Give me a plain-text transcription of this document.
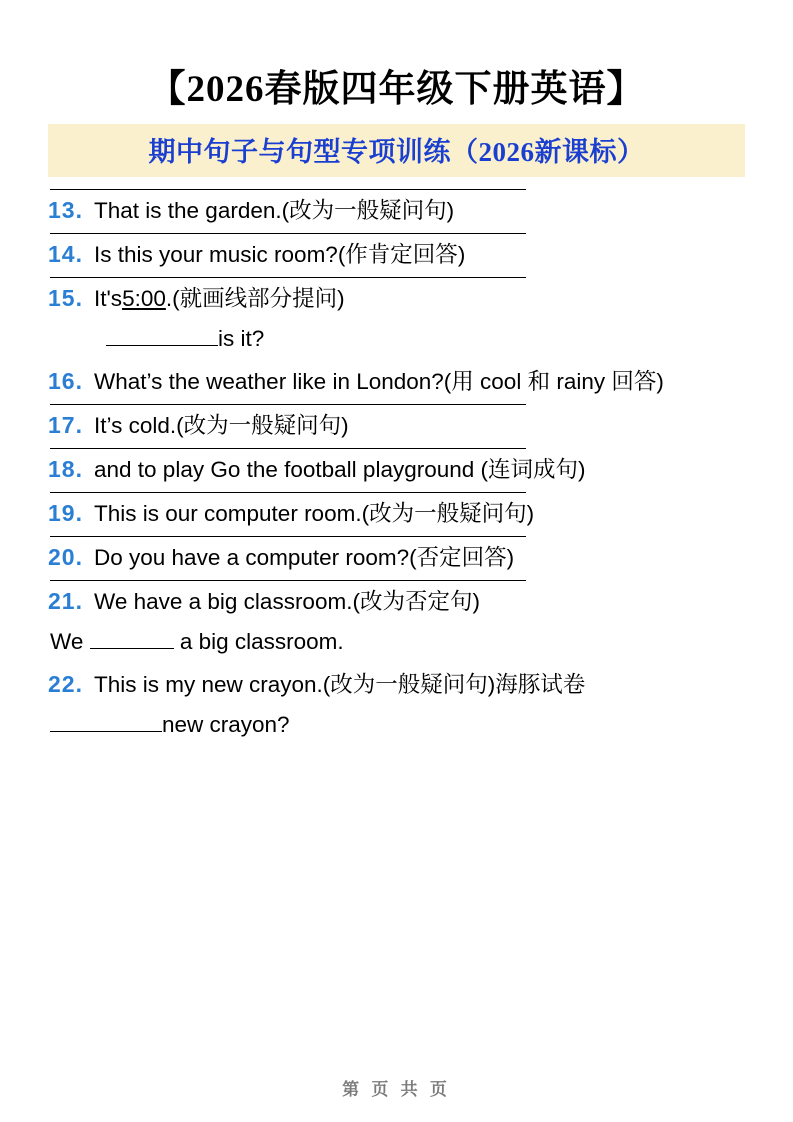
【2026春版四年级下册英语】
期中句子与句型专项训练（2026新课标）
13. That is the garden.(改为一般疑问句)
14. Is this your music room?(作肯定回答)
15. It's 5:00 .(就画线部分提问)
is it?
16. What’s the weather like in London?(用 cool 和 rainy 回答)
17. It’s cold.(改为一般疑问句)
18. and to play Go the football playground (连词成句)
19. This is our computer room.(改为一般疑问句)
20. Do you have a computer room?(否定回答)
21. We have a big classroom.(改为否定句)
We	a big classroom.
22. This is my new crayon.(改为一般疑问句)海豚试卷
new crayon?
第 页 共 页
